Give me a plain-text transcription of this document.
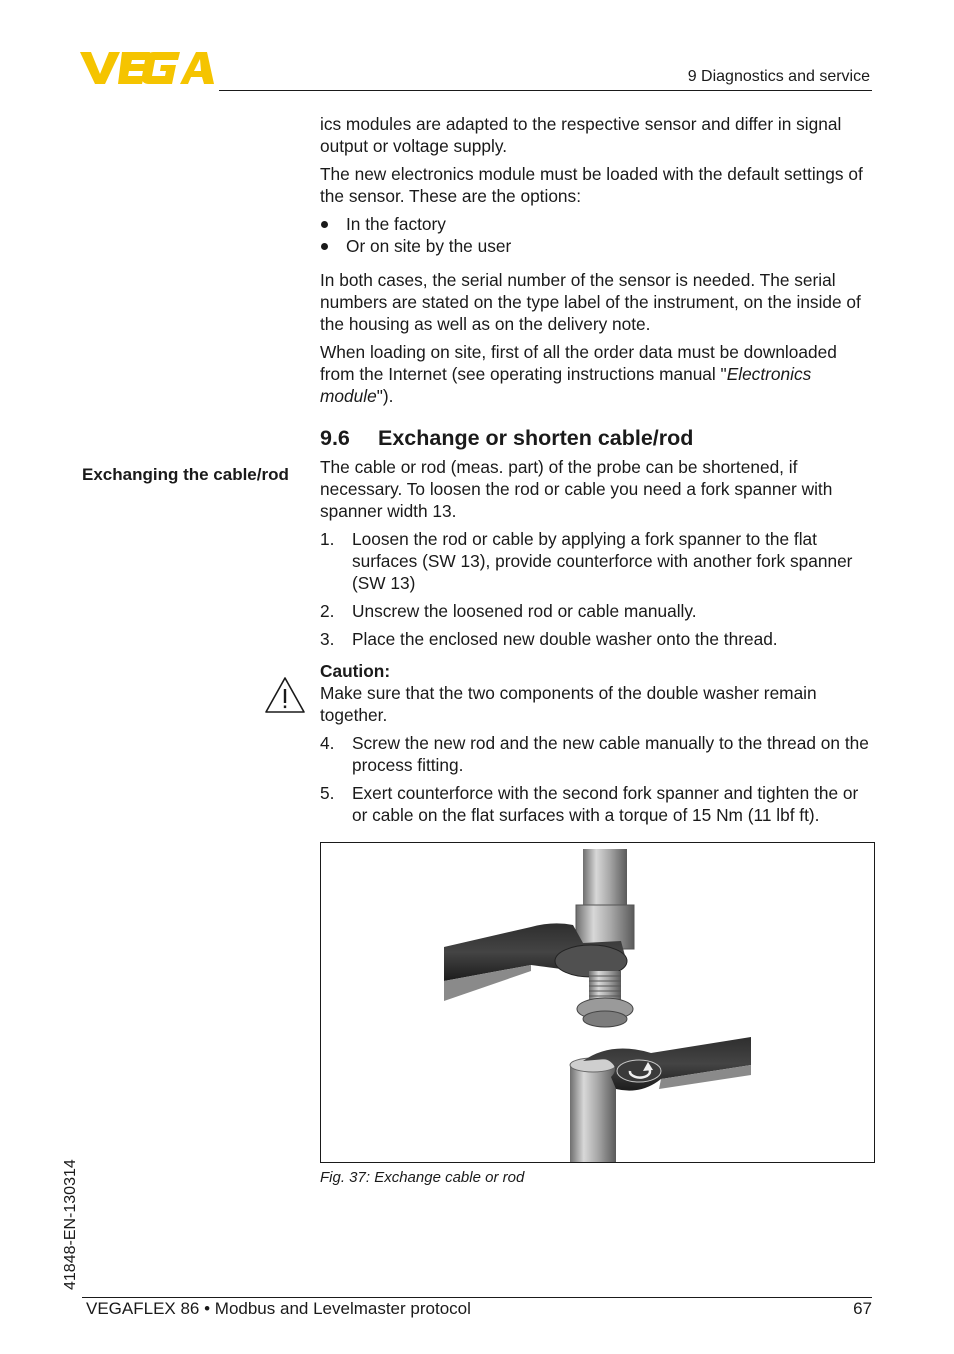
9 Diagnostics and service
Exchanging the cable/rod

ics modules are adapted to the respective sensor and differ in signal output or voltage supply.

The new electronics module must be loaded with the default settings of the sensor. These are the options:

In the factory
Or on site by the user

In both cases, the serial number of the sensor is needed. The serial numbers are stated on the type label of the instrument, on the inside of the housing as well as on the delivery note.

When loading on site, first of all the order data must be downloaded from the Internet (see operating instructions manual "Electronics module").

9.6 Exchange or shorten cable/rod

The cable or rod (meas. part) of the probe can be shortened, if necessary. To loosen the rod or cable you need a fork spanner with spanner width 13.

1. Loosen the rod or cable by applying a fork spanner to the flat surfaces (SW 13), provide counterforce with another fork spanner (SW 13)
2. Unscrew the loosened rod or cable manually.
3. Place the enclosed new double washer onto the thread.
Caution:
Make sure that the two components of the double washer remain together.
4. Screw the new rod and the new cable manually to the thread on the process fitting.
5. Exert counterforce with the second fork spanner and tighten the or or cable on the flat surfaces with a torque of 15 Nm (11 lbf ft).
Fig. 37: Exchange cable or rod
41848-EN-130314
VEGAFLEX 86 • Modbus and Levelmaster protocol	67
